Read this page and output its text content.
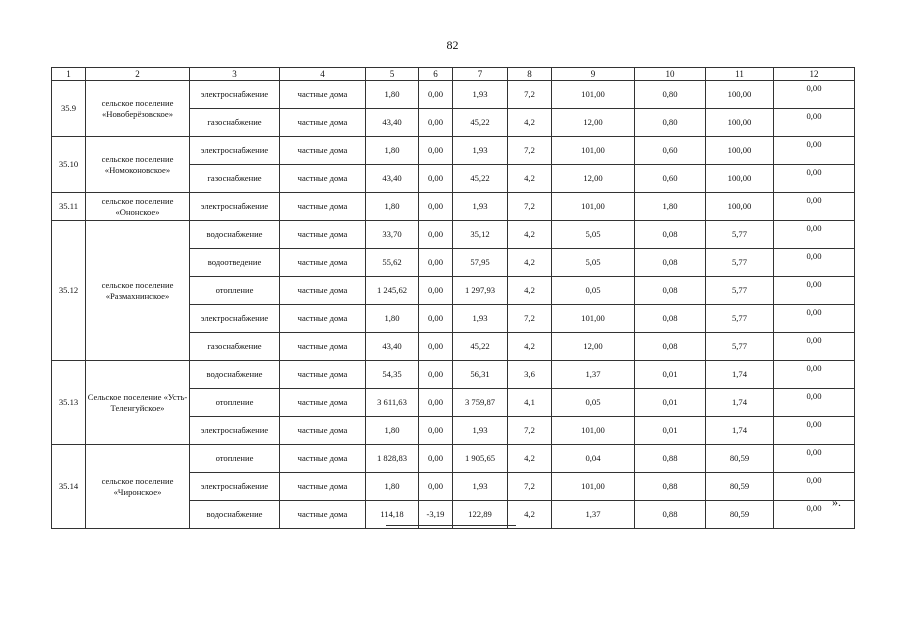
82
1	2	3	4	5	6	7	8	9	10	11	12
35.9	сельское поселение «Новоберёзовское»	электроснабжение	частные дома	1,80	0,00	1,93	7,2	101,00	0,80	100,00	0,00
		газоснабжение	частные дома	43,40	0,00	45,22	4,2	12,00	0,80	100,00	0,00
35.10	сельское поселение «Номоконовское»	электроснабжение	частные дома	1,80	0,00	1,93	7,2	101,00	0,60	100,00	0,00
		газоснабжение	частные дома	43,40	0,00	45,22	4,2	12,00	0,60	100,00	0,00
35.11	сельское поселение «Ононское»	электроснабжение	частные дома	1,80	0,00	1,93	7,2	101,00	1,80	100,00	0,00
35.12	сельское поселение «Размахнинское»	водоснабжение	частные дома	33,70	0,00	35,12	4,2	5,05	0,08	5,77	0,00
		водоотведение	частные дома	55,62	0,00	57,95	4,2	5,05	0,08	5,77	0,00
		отопление	частные дома	1 245,62	0,00	1 297,93	4,2	0,05	0,08	5,77	0,00
		электроснабжение	частные дома	1,80	0,00	1,93	7,2	101,00	0,08	5,77	0,00
		газоснабжение	частные дома	43,40	0,00	45,22	4,2	12,00	0,08	5,77	0,00
35.13	Сельское поселение «Усть-Теленгуйское»	водоснабжение	частные дома	54,35	0,00	56,31	3,6	1,37	0,01	1,74	0,00
		отопление	частные дома	3 611,63	0,00	3 759,87	4,1	0,05	0,01	1,74	0,00
		электроснабжение	частные дома	1,80	0,00	1,93	7,2	101,00	0,01	1,74	0,00
35.14	сельское поселение «Чиронское»	отопление	частные дома	1 828,83	0,00	1 905,65	4,2	0,04	0,88	80,59	0,00
		электроснабжение	частные дома	1,80	0,00	1,93	7,2	101,00	0,88	80,59	0,00
		водоснабжение	частные дома	114,18	-3,19	122,89	4,2	1,37	0,88	80,59	0,00 ».
